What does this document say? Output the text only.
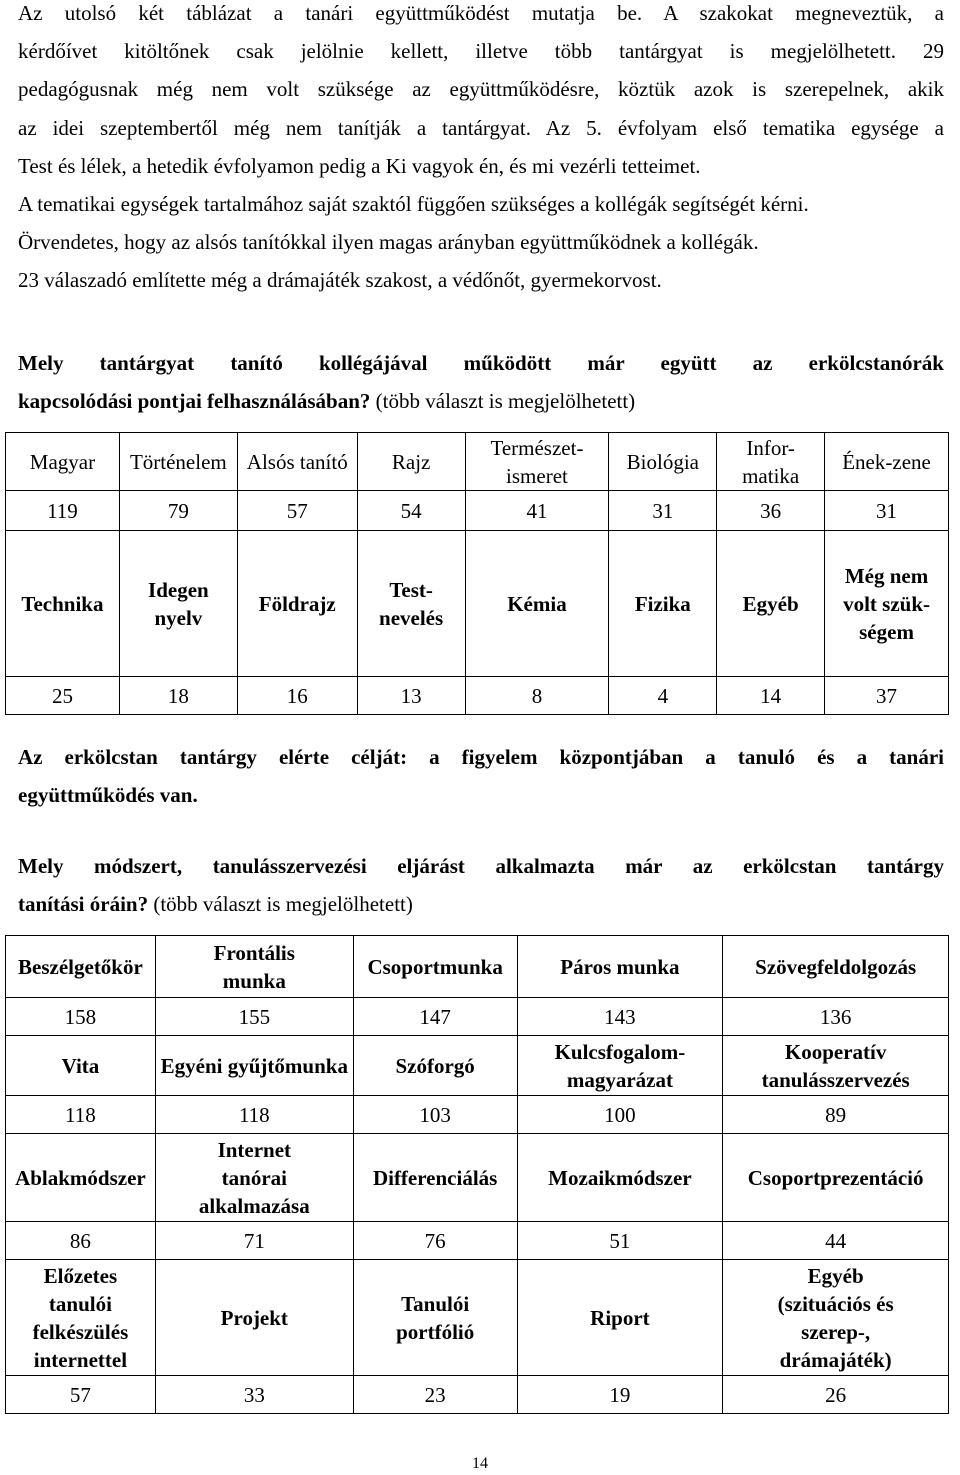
Az utolsó két táblázat a tanári együttműködést mutatja be. A szakokat megneveztük, a
kérdőívet kitöltőnek csak jelölnie kellett, illetve több tantárgyat is megjelölhetett. 29
pedagógusnak még nem volt szüksége az együttműködésre, köztük azok is szerepelnek, akik
az idei szeptembertől még nem tanítják a tantárgyat. Az 5. évfolyam első tematika egysége a
Test és lélek, a hetedik évfolyamon pedig a Ki vagyok én, és mi vezérli tetteimet.
A tematikai egységek tartalmához saját szaktól függően szükséges a kollégák segítségét kérni.
Örvendetes, hogy az alsós tanítókkal ilyen magas arányban együttműködnek a kollégák.
23 válaszadó említette még a drámajáték szakost, a védőnőt, gyermekorvost.
Mely tantárgyat tanító kollégájával működött már együtt az erkölcstanórák
kapcsolódási pontjai felhasználásában? (több választ is megjelölhetett)
Magyar	Történelem	Alsós tanító	Rajz	Természet-ismeret	Biológia	Infor-matika	Ének-zene
119	79	57	54	41	31	36	31
Technika	Idegen nyelv	Földrajz	Test-nevelés	Kémia	Fizika	Egyéb	Még nem volt szük-ségem
25	18	16	13	8	4	14	37
Az erkölcstan tantárgy elérte célját: a figyelem központjában a tanuló és a tanári
együttműködés van.
Mely módszert, tanulásszervezési eljárást alkalmazta már az erkölcstan tantárgy
tanítási óráin? (több választ is megjelölhetett)
Beszélgetőkör	Frontális munka	Csoportmunka	Páros munka	Szövegfeldolgozás
158	155	147	143	136
Vita	Egyéni gyűjtőmunka	Szóforgó	Kulcsfogalom-magyarázat	Kooperatív tanulásszervezés
118	118	103	100	89
Ablakmódszer	Internet tanórai alkalmazása	Differenciálás	Mozaikmódszer	Csoportprezentáció
86	71	76	51	44
Előzetes tanulói felkészülés internettel	Projekt	Tanulói portfólió	Riport	Egyéb (szituációs és szerep-, drámajáték)
57	33	23	19	26
14
